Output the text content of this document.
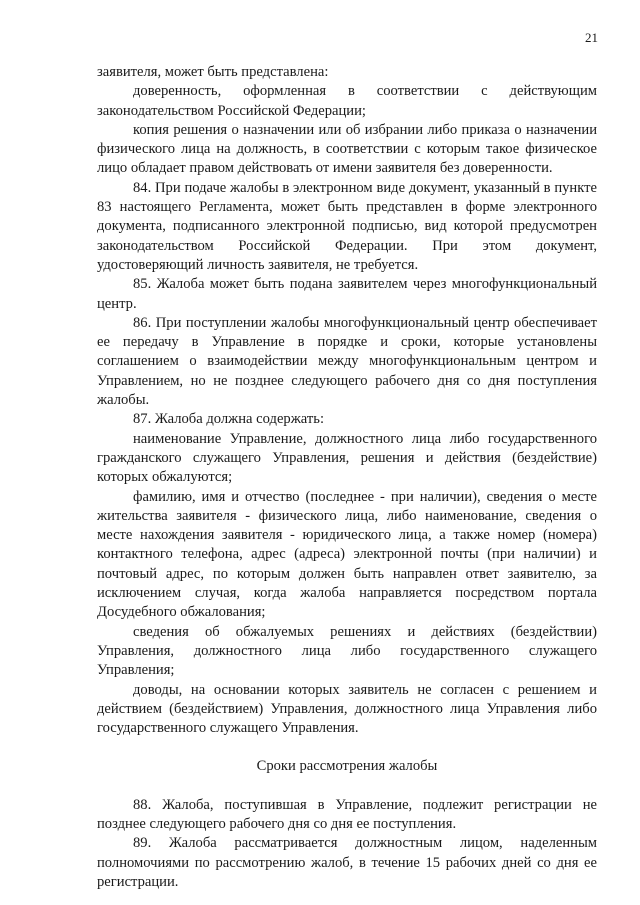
21

заявителя, может быть представлена:

доверенность, оформленная в соответствии с действующим законодательством Российской Федерации;

копия решения о назначении или об избрании либо приказа о назначении физического лица на должность, в соответствии с которым такое физическое лицо обладает правом действовать от имени заявителя без доверенности.

84. При подаче жалобы в электронном виде документ, указанный в пункте 83 настоящего Регламента, может быть представлен в форме электронного документа, подписанного электронной подписью, вид которой предусмотрен законодательством Российской Федерации. При этом документ, удостоверяющий личность заявителя, не требуется.

85. Жалоба может быть подана заявителем через многофункциональный центр.

86. При поступлении жалобы многофункциональный центр обеспечивает ее передачу в Управление в порядке и сроки, которые установлены соглашением о взаимодействии между многофункциональным центром и Управлением, но не позднее следующего рабочего дня со дня поступления жалобы.

87. Жалоба должна содержать:

наименование Управление, должностного лица либо государственного гражданского служащего Управления, решения и действия (бездействие) которых обжалуются;

фамилию, имя и отчество (последнее - при наличии), сведения о месте жительства заявителя - физического лица, либо наименование, сведения о месте нахождения заявителя - юридического лица, а также номер (номера) контактного телефона, адрес (адреса) электронной почты (при наличии) и почтовый адрес, по которым должен быть направлен ответ заявителю, за исключением случая, когда жалоба направляется посредством портала Досудебного обжалования;

сведения об обжалуемых решениях и действиях (бездействии) Управления, должностного лица либо государственного служащего Управления;

доводы, на основании которых заявитель не согласен с решением и действием (бездействием) Управления, должностного лица Управления либо государственного служащего Управления.

Сроки рассмотрения жалобы

88. Жалоба, поступившая в Управление, подлежит регистрации не позднее следующего рабочего дня со дня ее поступления.

89. Жалоба рассматривается должностным лицом, наделенным полномочиями по рассмотрению жалоб, в течение 15 рабочих дней со дня ее регистрации.
